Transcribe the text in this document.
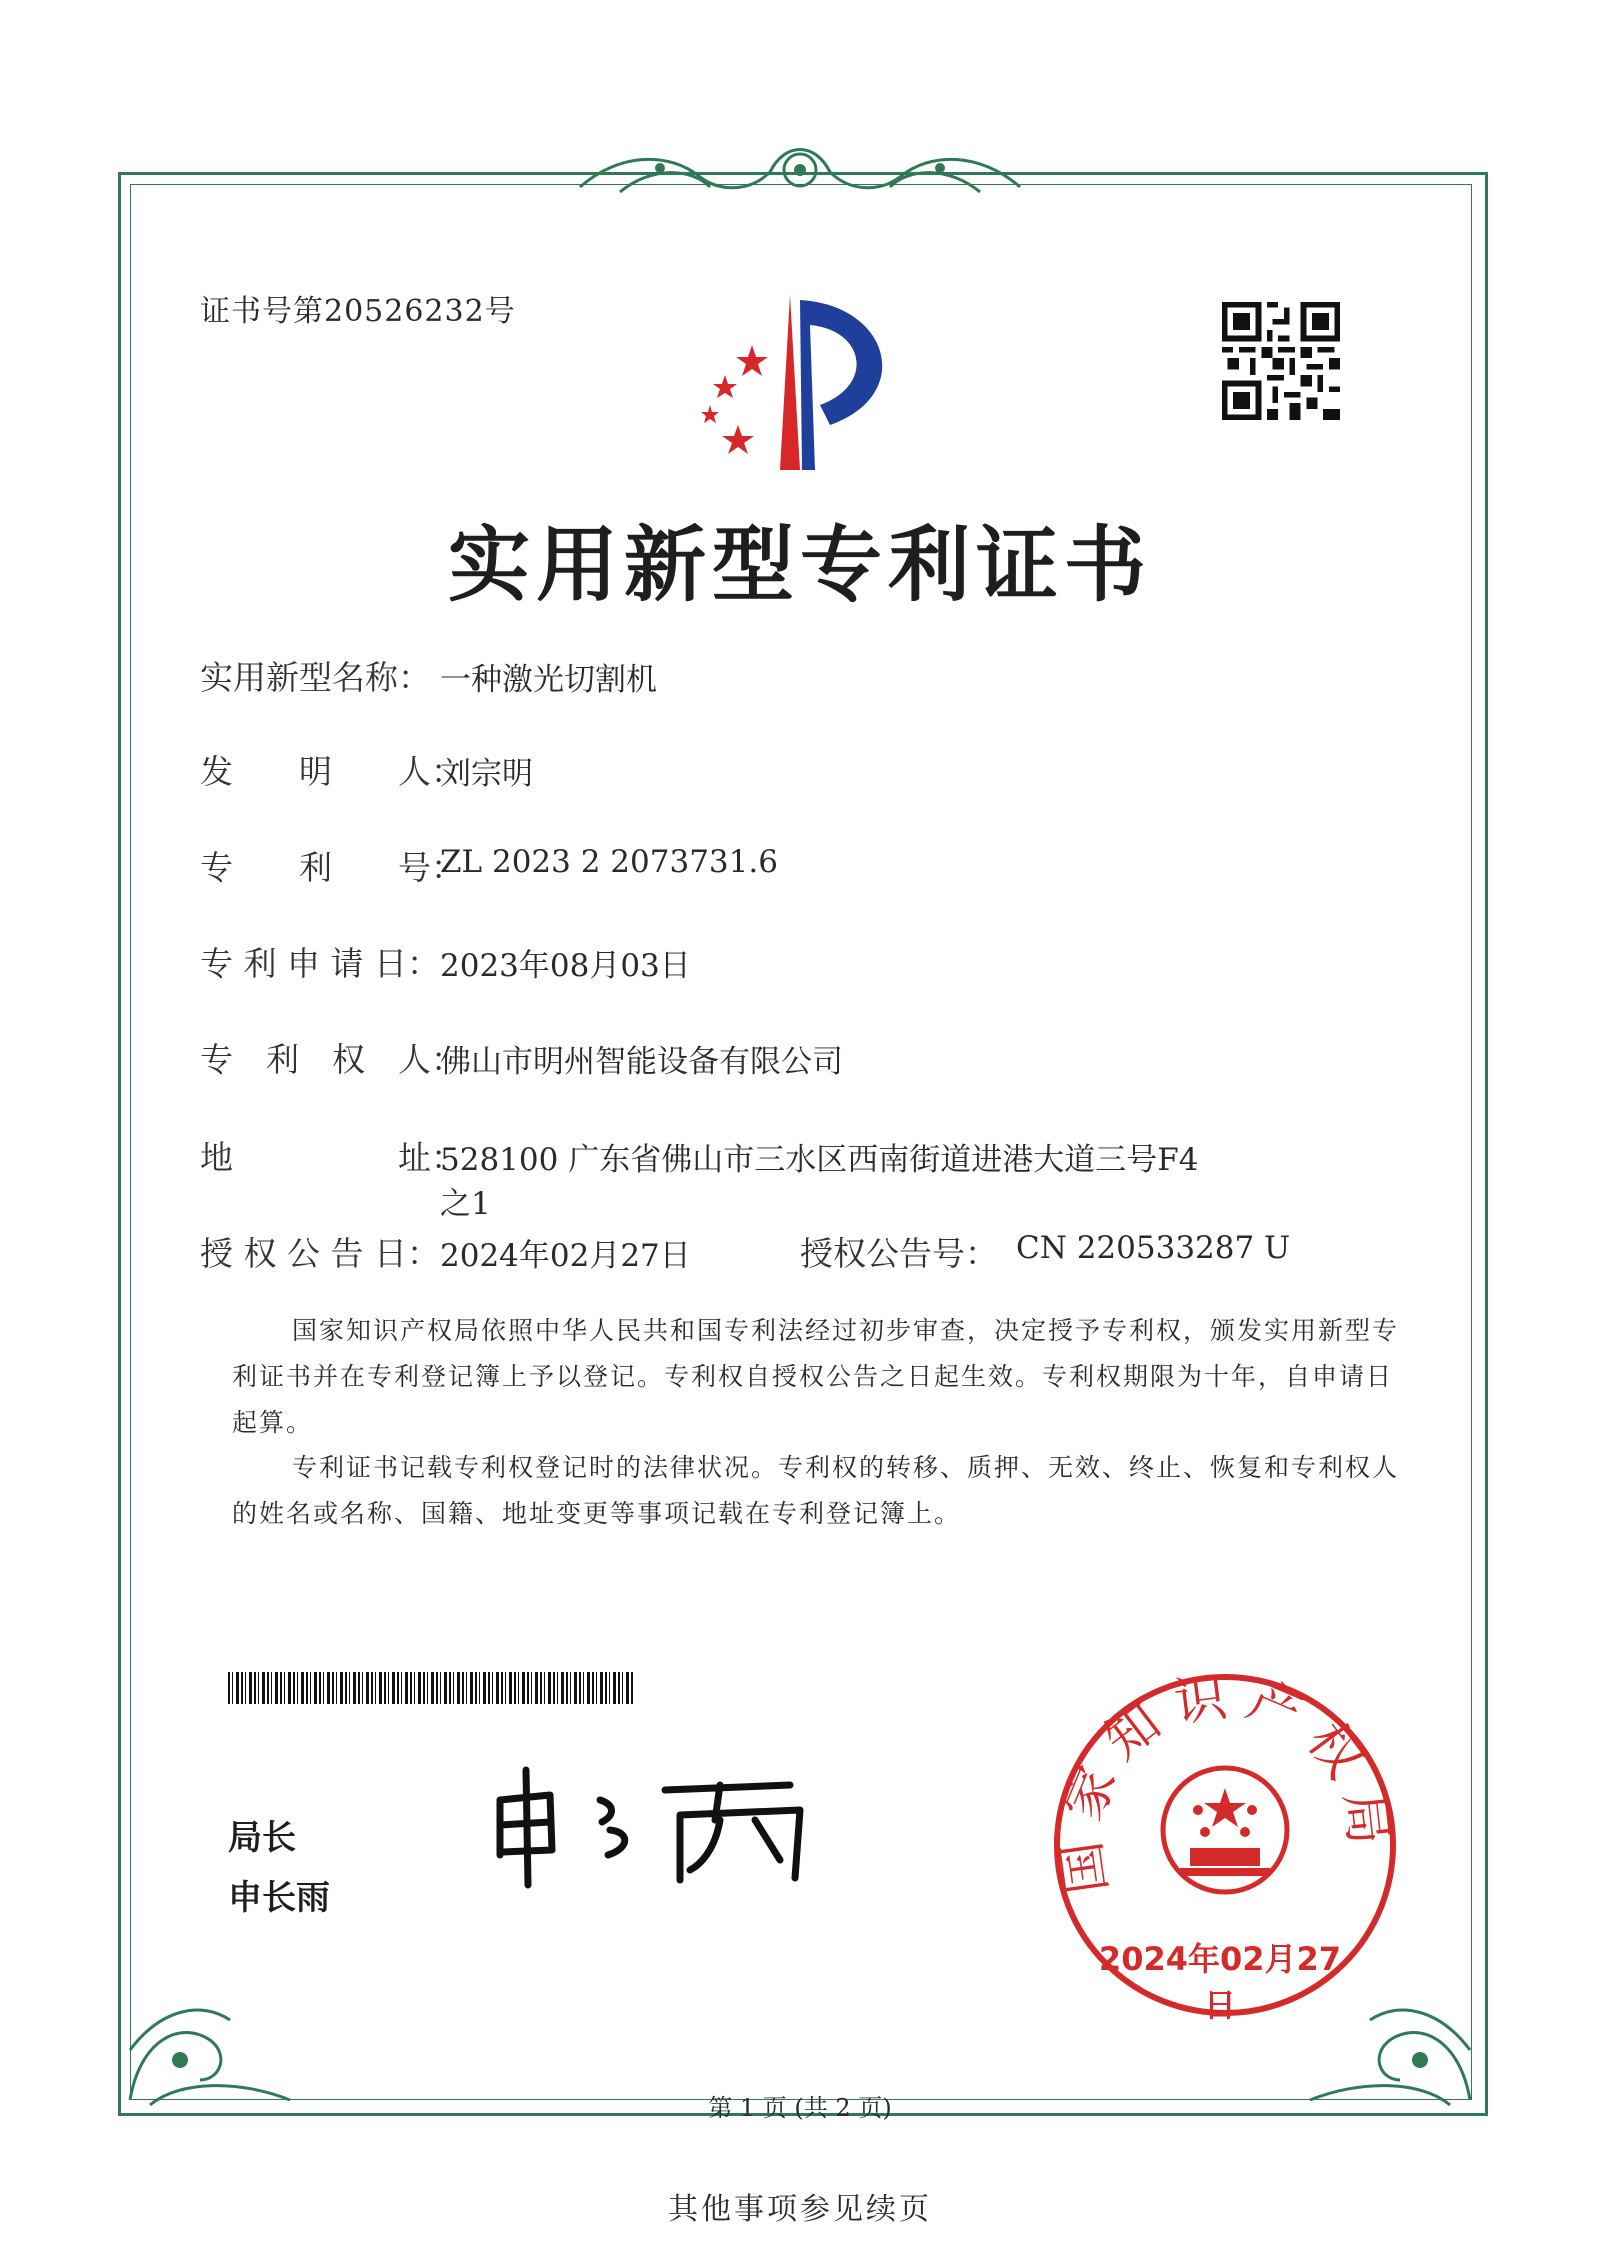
证书号第20526232号
实用新型专利证书
实用新型名称： 一种激光切割机
发　　明　　人：
刘宗明
专　　利　　号：
ZL 2023 2 2073731.6
专 利 申 请 日： 2023年08月03日
专　利　权　人：
佛山市明州智能设备有限公司
地　　　　　址：
528100 广东省佛山市三水区西南街道进港大道三号F4
之1
授 权 公 告 日： 2024年02月27日	授权公告号： CN 220533287 U
国家知识产权局依照中华人民共和国专利法经过初步审查，决定授予专利权，颁发实用新型专利证书并在专利登记簿上予以登记。专利权自授权公告之日起生效。专利权期限为十年，自申请日起算。
专利证书记载专利权登记时的法律状况。专利权的转移、质押、无效、终止、恢复和专利权人的姓名或名称、国籍、地址变更等事项记载在专利登记簿上。
局长
申长雨
国家知识产权局
2024年02月27日
第 1 页 (共 2 页)
其他事项参见续页
